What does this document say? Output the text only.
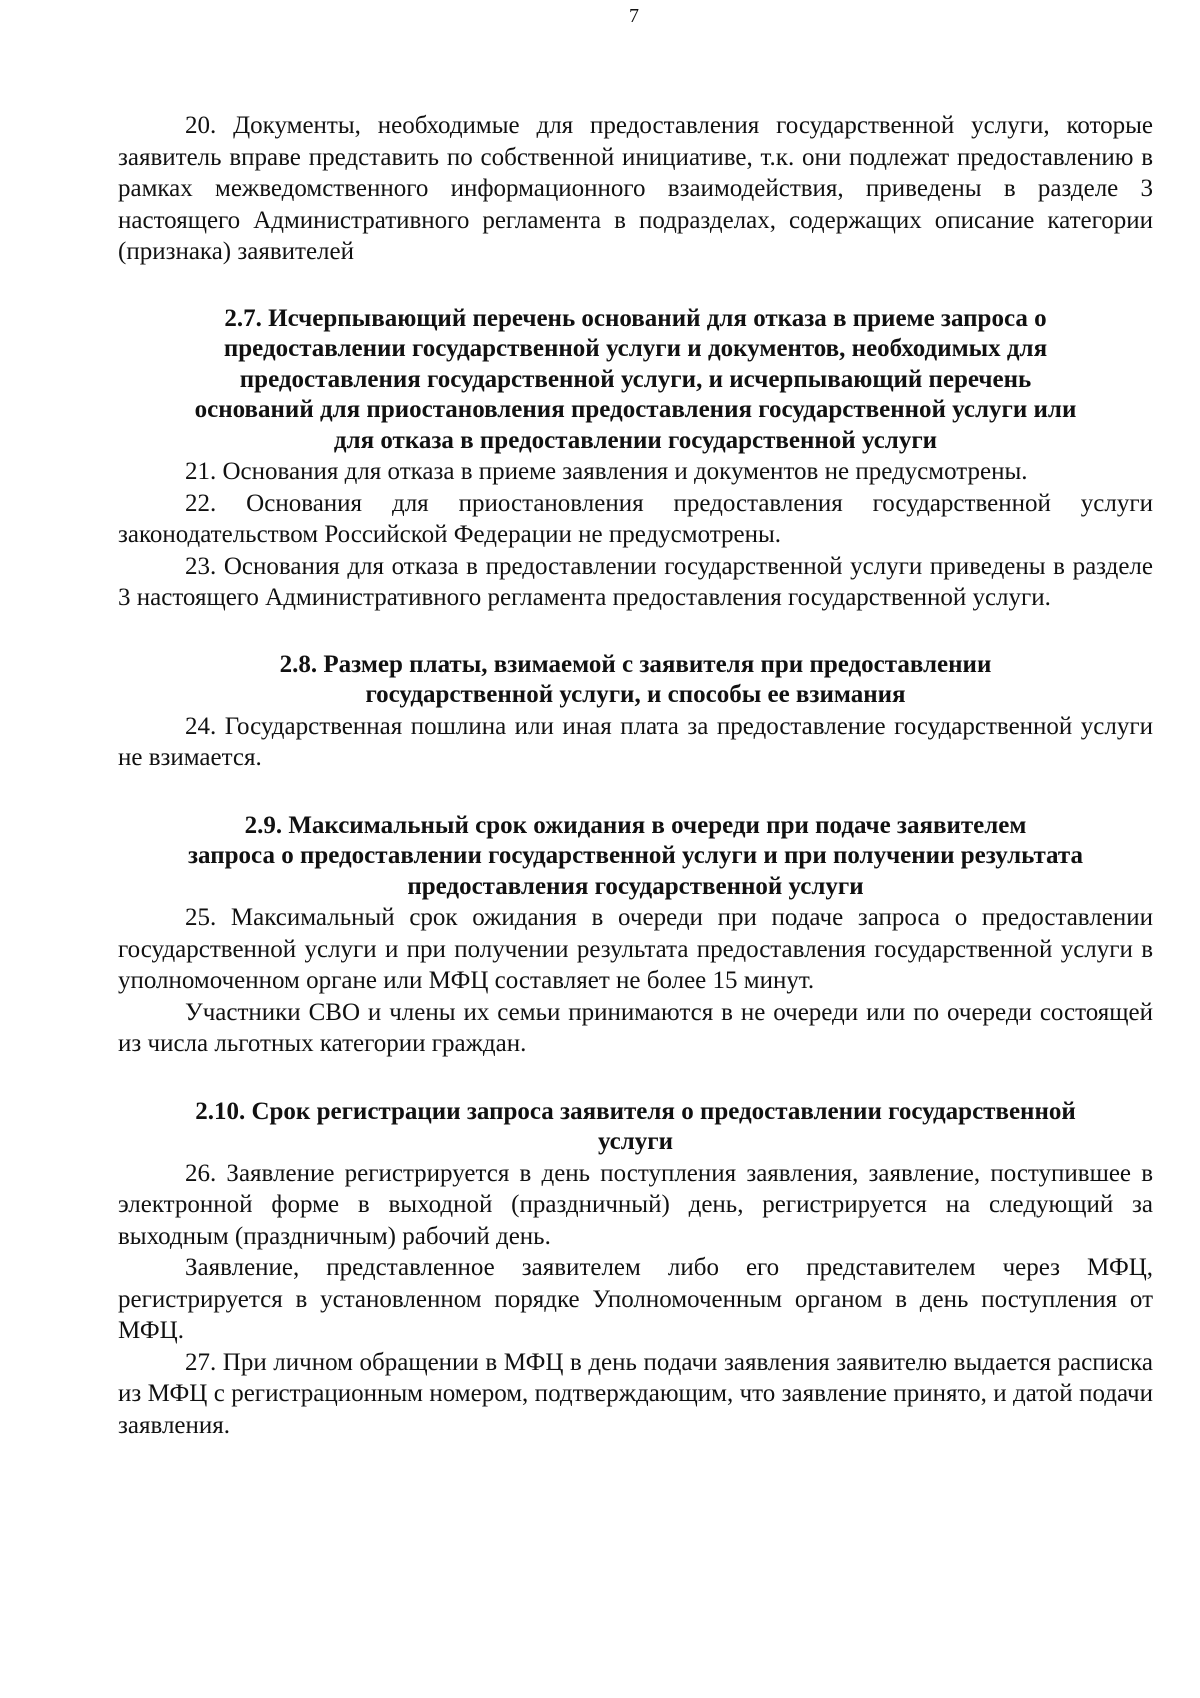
7

20. Документы, необходимые для предоставления государственной услуги, которые заявитель вправе представить по собственной инициативе, т.к. они подлежат предоставлению в рамках межведомственного информационного взаимодействия, приведены в разделе 3 настоящего Административного регламента в подразделах, содержащих описание категории (признака) заявителей

2.7. Исчерпывающий перечень оснований для отказа в приеме запроса о
предоставлении государственной услуги и документов, необходимых для
предоставления государственной услуги, и исчерпывающий перечень
оснований для приостановления предоставления государственной услуги или
для отказа в предоставлении государственной услуги

21. Основания для отказа в приеме заявления и документов не предусмотрены.

22. Основания для приостановления предоставления государственной услуги законодательством Российской Федерации не предусмотрены.

23. Основания для отказа в предоставлении государственной услуги приведены в разделе 3 настоящего Административного регламента предоставления государственной услуги.

2.8. Размер платы, взимаемой с заявителя при предоставлении
государственной услуги, и способы ее взимания

24. Государственная пошлина или иная плата за предоставление государственной услуги не взимается.

2.9. Максимальный срок ожидания в очереди при подаче заявителем
запроса о предоставлении государственной услуги и при получении результата
предоставления государственной услуги

25. Максимальный срок ожидания в очереди при подаче запроса о предоставлении государственной услуги и при получении результата предоставления государственной услуги в уполномоченном органе или МФЦ составляет не более 15 минут.

Участники СВО и члены их семьи принимаются в не очереди или по очереди состоящей из числа льготных категории граждан.

2.10. Срок регистрации запроса заявителя о предоставлении государственной
услуги

26. Заявление регистрируется в день поступления заявления, заявление, поступившее в электронной форме в выходной (праздничный) день, регистрируется на следующий за выходным (праздничным) рабочий день.

Заявление, представленное заявителем либо его представителем через МФЦ, регистрируется в установленном порядке Уполномоченным органом в день поступления от МФЦ.

27. При личном обращении в МФЦ в день подачи заявления заявителю выдается расписка из МФЦ с регистрационным номером, подтверждающим, что заявление принято, и датой подачи заявления.
